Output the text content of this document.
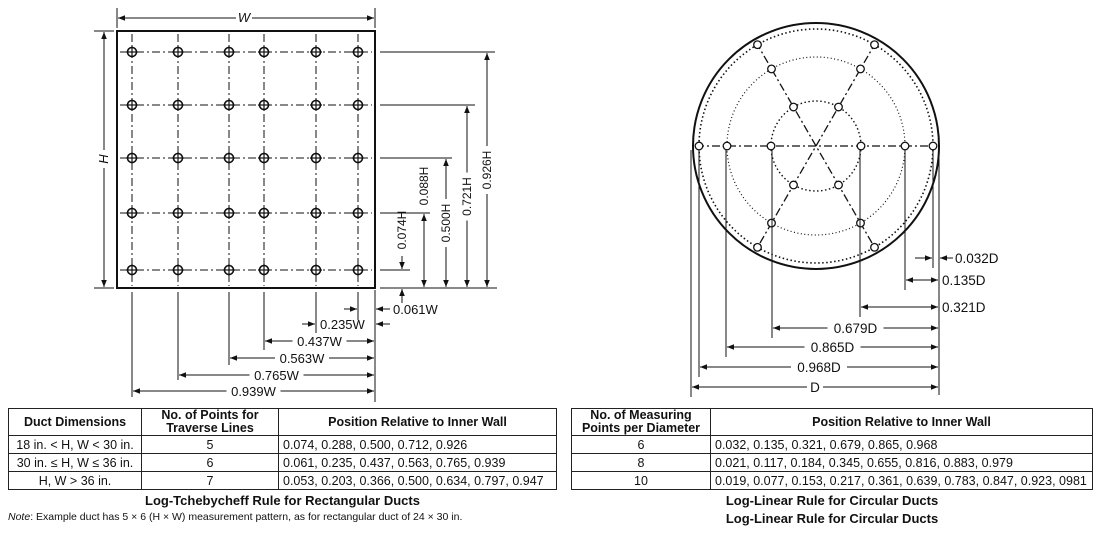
W
H
0.074H
0.088H
0.500H
0.721H
0.926H
0.061W
0.235W
0.437W
0.563W
0.765W
0.939W
0.032D
0.135D
0.321D
0.679D
0.865D
0.968D
D
Duct Dimensions	No. of Points for Traverse Lines	Position Relative to Inner Wall
18 in. < H, W < 30 in.	5	0.074, 0.288, 0.500, 0.712, 0.926
30 in. ≤ H, W ≤ 36 in.	6	0.061, 0.235, 0.437, 0.563, 0.765, 0.939
H, W > 36 in.	7	0.053, 0.203, 0.366, 0.500, 0.634, 0.797, 0.947
Log-Tchebycheff Rule for Rectangular Ducts
Note: Example duct has 5 × 6 (H × W) measurement pattern, as for rectangular duct of 24 × 30 in.
No. of Measuring Points per Diameter	Position Relative to Inner Wall
6	0.032, 0.135, 0.321, 0.679, 0.865, 0.968
8	0.021, 0.117, 0.184, 0.345, 0.655, 0.816, 0.883, 0.979
10	0.019, 0.077, 0.153, 0.217, 0.361, 0.639, 0.783, 0.847, 0.923, 0981
Log-Linear Rule for Circular Ducts
Log-Linear Rule for Circular Ducts
